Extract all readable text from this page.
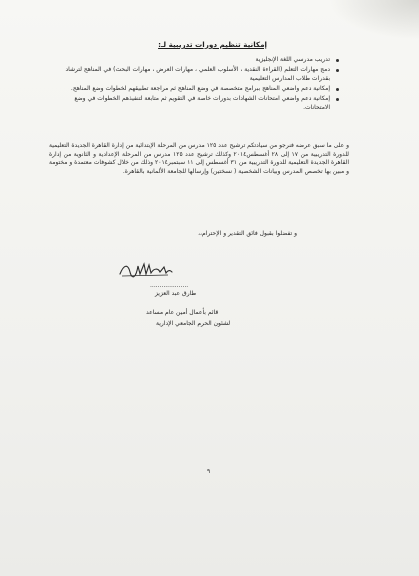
إمكانية تنظيم دورات تدريبية لـ:
تدريب مدرسي اللغة الإنجليزية
دمج مهارات التعلم (القراءة النقدية ، الأسلوب العلمي ، مهارات العرض ، مهارات البحث) في المناهج لترشاد بقدرات طلاب المدارس التعليمية
إمكانية دعم واضعي المناهج ببرامج متخصصة في وضع المناهج ثم مراجعة تطبيقهم لخطوات وضع المناهج.
إمكانية دعم واضعي امتحانات الشهادات بدورات خاصة في التقويم ثم متابعة لتنفيذهم الخطوات في وضع الامتحانات.
و على ما سبق عرضه فنرجو من سيادتكم ترشيح عدد ١٢٥ مدرس من المرحلة الإبتدائية من إدارة القاهرة الجديدة التعليمية للدورة التدريبية من ١٧ إلى ٢٨ أغسطس٢٠١٤ وكذلك ترشيح عدد ١٢٥ مدرس من المرحلة الإعدادية و الثانوية من إدارة القاهرة الجديدة التعليمية للدورة التدريبية من ٣١ أغسطس إلى ١١ سبتمبر٢٠١٤ وذلك من خلال كشوفات معتمدة و مختومة و مبين بها تخصص المدرس وبيانات الشخصية ( نسختين) وإرسالها للجامعة الألمانية بالقاهرة.
و تفضلوا بقبول فائق التقدير و الإحترام،،
....................
طارق عبد العزيز
قائم بأعمال أمين عام مساعد
لشئون الحرم الجامعي الإدارية
٩
